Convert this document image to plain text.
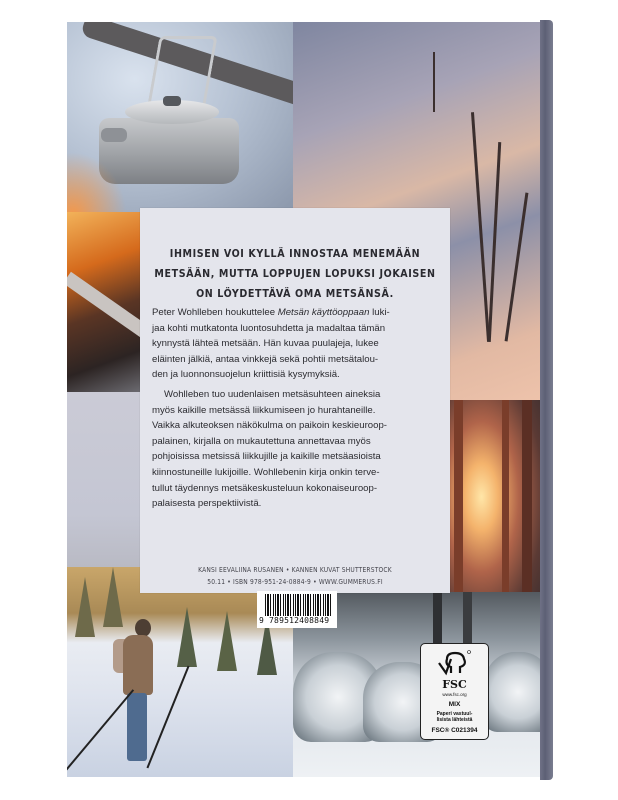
IHMISEN VOI KYLLÄ INNOSTAA MENEMÄÄN
METSÄÄN, MUTTA LOPPUJEN LOPUKSI JOKAISEN
ON LÖYDETTÄVÄ OMA METSÄNSÄ.

Peter Wohlleben houkuttelee Metsän käyttöoppaan luki-
jaa kohti mutkatonta luontosuhdetta ja madaltaa tämän
kynnystä lähteä metsään. Hän kuvaa puulajeja, lukee
eläinten jälkiä, antaa vinkkejä sekä pohtii metsätalou-
den ja luonnonsuojelun kriittisiä kysymyksiä.

Wohlleben tuo uudenlaisen metsäsuhteen aineksia
myös kaikille metsässä liikkumiseen jo hurahtaneille.
Vaikka alkuteoksen näkökulma on paikoin keskieuroop-
palainen, kirjalla on mukautettuna annettavaa myös
pohjoisissa metsissä liikkujille ja kaikille metsäasioista
kiinnostuneille lukijoille. Wohllebenin kirja onkin terve-
tullut täydennys metsäkeskusteluun kokonaiseuroop-
palaisesta perspektiivistä.

KANSI EEVALIINA RUSANEN • KANNEN KUVAT SHUTTERSTOCK
50.11 • ISBN 978-951-24-0884-9 • WWW.GUMMERUS.FI
9 789512408849
FSC
www.fsc.org
MIX
Paperi vastuul-
lisista lähteistä
FSC® C021394
